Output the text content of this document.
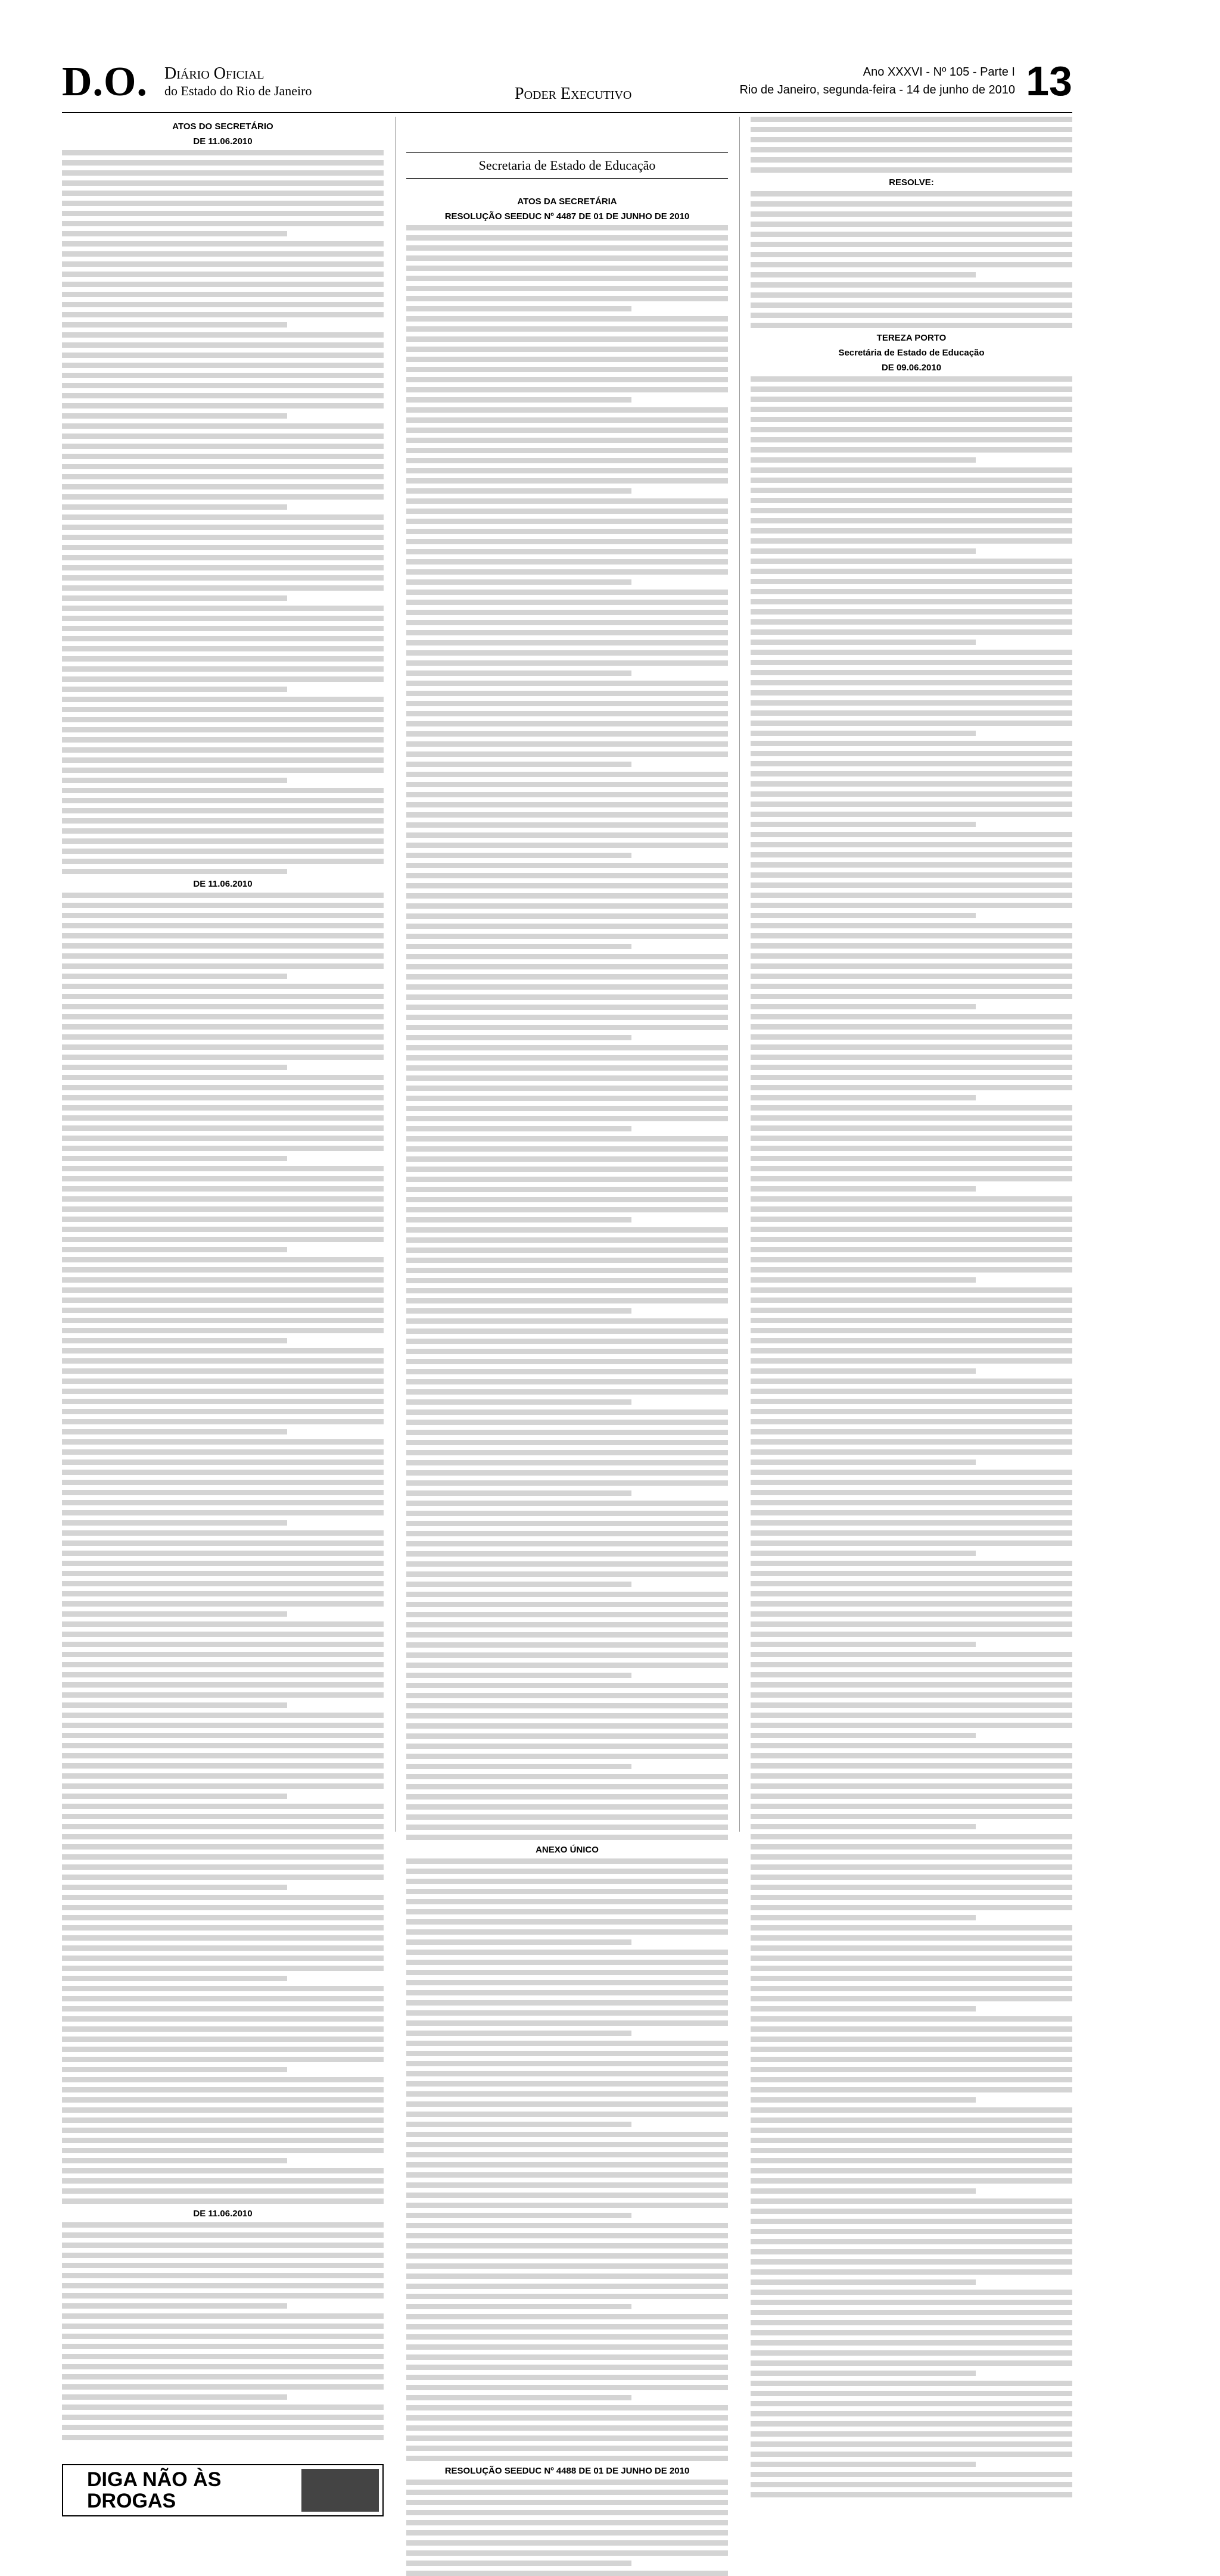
D.O. Diário Oficial
do Estado do Rio de Janeiro	Poder Executivo
Ano XXXVI - Nº 105 - Parte I
Rio de Janeiro, segunda-feira - 14 de junho de 2010 13
ATOS DO SECRETÁRIO
DE 11.06.2010
DE 11.06.2010
DE 11.06.2010
DIGA NÃO ÀS DROGAS
Secretaria de Estado de Educação
ATOS DA SECRETÁRIA
RESOLUÇÃO SEEDUC Nº 4487 DE 01 DE JUNHO DE 2010
ANEXO ÚNICO
RESOLUÇÃO SEEDUC Nº 4488 DE 01 DE JUNHO DE 2010
RESOLVE:
TEREZA PORTO
Secretária de Estado de Educação
DE 09.06.2010
